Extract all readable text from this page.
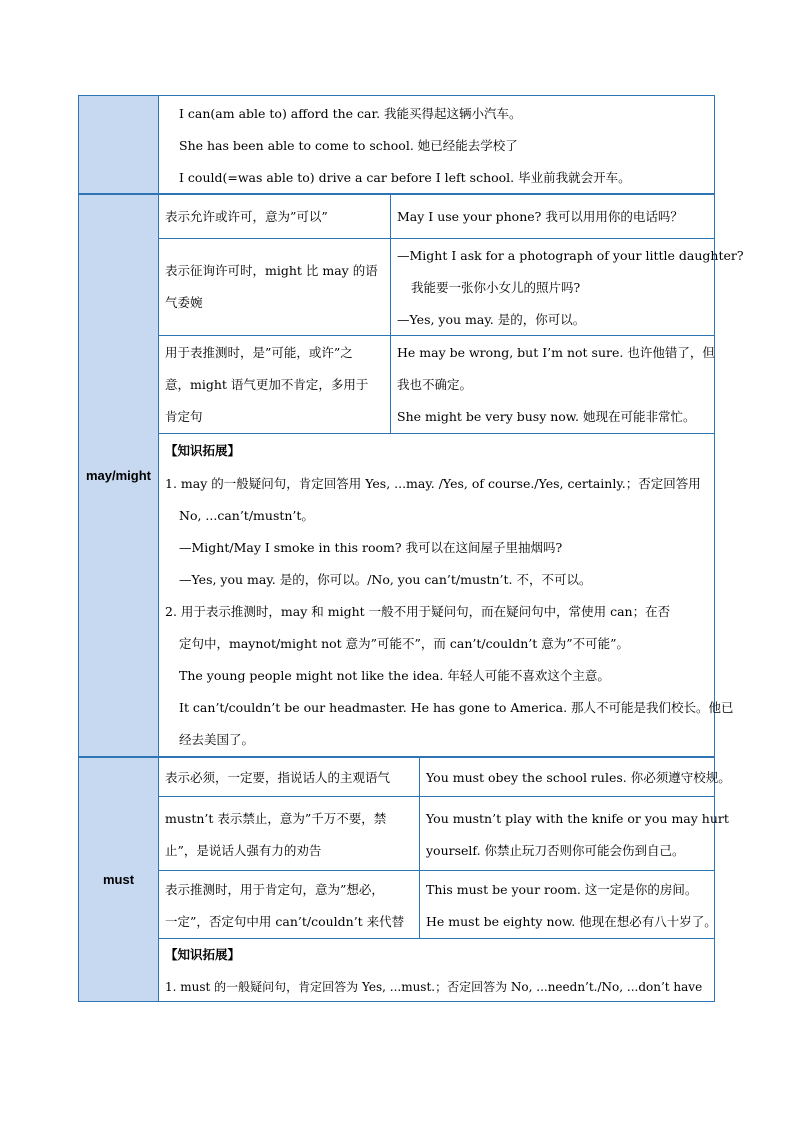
I can(am able to) afford the car. 我能买得起这辆小汽车。
She has been able to come to school. 她已经能去学校了
I could(=was able to) drive a car before I left school. 毕业前我就会开车。
may/might
表示允许或许可，意为”可以”	May I use your phone? 我可以用用你的电话吗？
表示征询许可时，might 比 may 的语
气委婉
—Might I ask for a photograph of your little daughter?
我能要一张你小女儿的照片吗?
—Yes, you may. 是的，你可以。
用于表推测时，是”可能，或许”之
意，might 语气更加不肯定，多用于
肯定句
He may be wrong, but I’m not sure. 也许他错了，但
我也不确定。
She might be very busy now. 她现在可能非常忙。
【知识拓展】
1. may 的一般疑问句，肯定回答用 Yes, ...may. /Yes, of course./Yes, certainly.；否定回答用
No, ...can’t/mustn’t。
—Might/May I smoke in this room? 我可以在这间屋子里抽烟吗?
—Yes, you may. 是的，你可以。/No, you can’t/mustn’t. 不，不可以。
2. 用于表示推测时，may 和 might 一般不用于疑问句，而在疑问句中，常使用 can；在否
定句中，maynot/might not 意为”可能不”，而 can’t/couldn’t 意为”不可能”。
The young people might not like the idea. 年轻人可能不喜欢这个主意。
It can’t/couldn’t be our headmaster. He has gone to America. 那人不可能是我们校长。他已
经去美国了。
must
表示必须，一定要，指说话人的主观语气	You must obey the school rules. 你必须遵守校规。
mustn’t 表示禁止，意为”千万不要，禁
止”，是说话人强有力的劝告
You mustn’t play with the knife or you may hurt
yourself. 你禁止玩刀否则你可能会伤到自己。
表示推测时，用于肯定句，意为”想必，
一定”，否定句中用 can’t/couldn’t 来代替
This must be your room. 这一定是你的房间。
He must be eighty now. 他现在想必有八十岁了。
【知识拓展】
1. must 的一般疑问句，肯定回答为 Yes, ...must.；否定回答为 No, ...needn’t./No, ...don’t have
